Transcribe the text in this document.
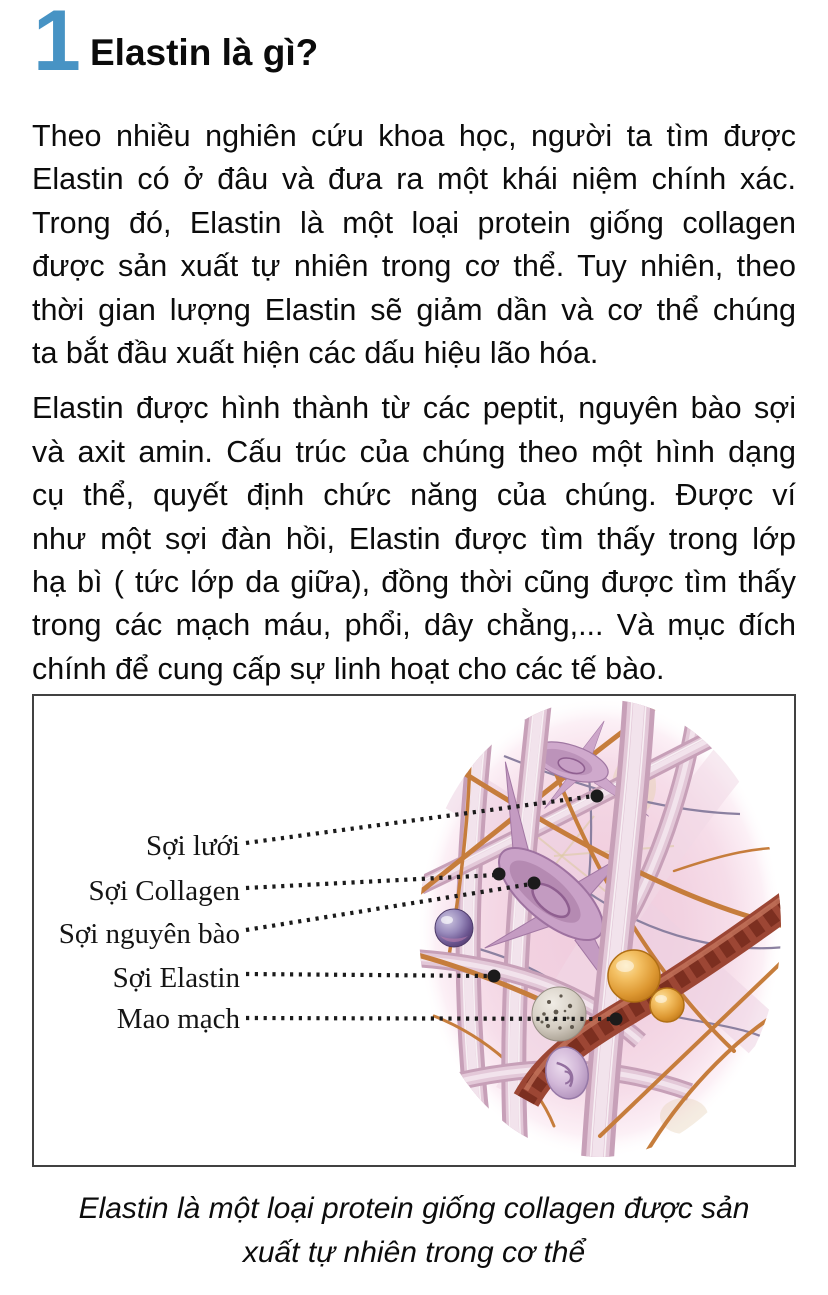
1 Elastin là gì?
Theo nhiều nghiên cứu khoa học, người ta tìm được
Elastin có ở đâu và đưa ra một khái niệm chính xác.
Trong đó, Elastin là một loại protein giống collagen
được sản xuất tự nhiên trong cơ thể. Tuy nhiên, theo
thời gian lượng Elastin sẽ giảm dần và cơ thể chúng
ta bắt đầu xuất hiện các dấu hiệu lão hóa.
Elastin được hình thành từ các peptit, nguyên bào sợi
và axit amin. Cấu trúc của chúng theo một hình dạng
cụ thể, quyết định chức năng của chúng. Được ví
như một sợi đàn hồi, Elastin được tìm thấy trong lớp
hạ bì ( tức lớp da giữa), đồng thời cũng được tìm thấy
trong các mạch máu, phổi, dây chằng,... Và mục đích
chính để cung cấp sự linh hoạt cho các tế bào.
Sợi lưới
Sợi Collagen
Sợi nguyên bào
Sợi Elastin
Mao mạch
Elastin là một loại protein giống collagen được sản
xuất tự nhiên trong cơ thể
